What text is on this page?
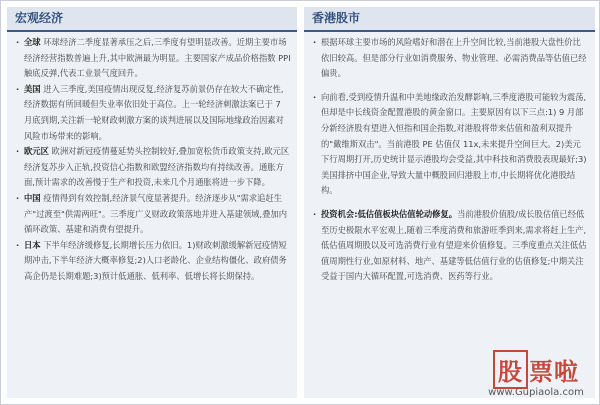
宏观经济

· 全球 环球经济二季度显著承压之后,三季度有望明显改善。近期主要市场经济经营指数普遍上升,其中欧洲最为明显。主要国家产成品价格指数 PPI 触底反弹,代表工业景气度回升。

· 美国 进入三季度,美国疫情出现反复,经济复苏前景仍存在较大不确定性,经济数据有所回暖但失业率依旧处于高位。上一轮经济刺激法案已于 7 月底到期,关注新一轮财政刺激方案的谈判进展以及国际地缘政治因素对风险市场带来的影响。

· 欧元区 欧洲对新冠疫情蔓延势头控制较好,叠加宽松货币政策支持,欧元区经济复苏步入正轨,投资信心指数和欧盟经济指数均有持续改善。通胀方面,预计需求的改善慢于生产和投资,未来几个月通胀将进一步下降。

· 中国 疫情得到有效控制,经济景气度显著提升。经济逐步从"需求追赶生产"过渡至"供需两旺"。三季度广义财政政策落地并进入基建领域,叠加内循环政策、基建和消费有望提升。

· 日本 下半年经济缓修复,长期增长压力依旧。1)财政刺激缓解新冠疫情短期冲击,下半年经济大概率修复;2)人口老龄化、企业结构僵化、政府债务高企仍是长期难题;3)预计低通胀、低利率、低增长将长期保持。

香港股市

· 根据环球主要市场的风险嗜好和潜在上升空间比较,当前港股大盘性价比依旧较高。但是部分行业如消费服务、物业管理、必需消费品等估值已经偏贵。

· 向前看,受到疫情升温和中美地缘政治发酵影响,三季度港股可能较为震荡,但却是中长线资金配置港股的黄金窗口。主要原因有以下三点:1) 9 月部分新经济股有望进入恒指和国企指数,对港股将带来估值和盈利双提升的"戴维斯双击"。当前港股 PE 估值仅 11x,未来提升空间巨大。2)美元下行周期打开,历史统计显示港股均会受益,其中科技和消费股表现最好;3)美国排挤中国企业,导致大量中概股回归港股上市,中长期将优化港股结构。

· 投资机会:低估值板块估值轮动修复。当前港股价值股/成长股估值已经低至历史极限水平宏观上,随着三季度消费和旅游旺季到来,需求将赶上生产,低估值周期股以及可选消费行业有望迎来价值修复。三季度重点关注低估值周期性行业,如原材料、地产、基建等低估值行业的估值修复;中期关注受益于国内大循环配置,可选消费、医药等行业。

股 票啦
www.Gupiaola.com
